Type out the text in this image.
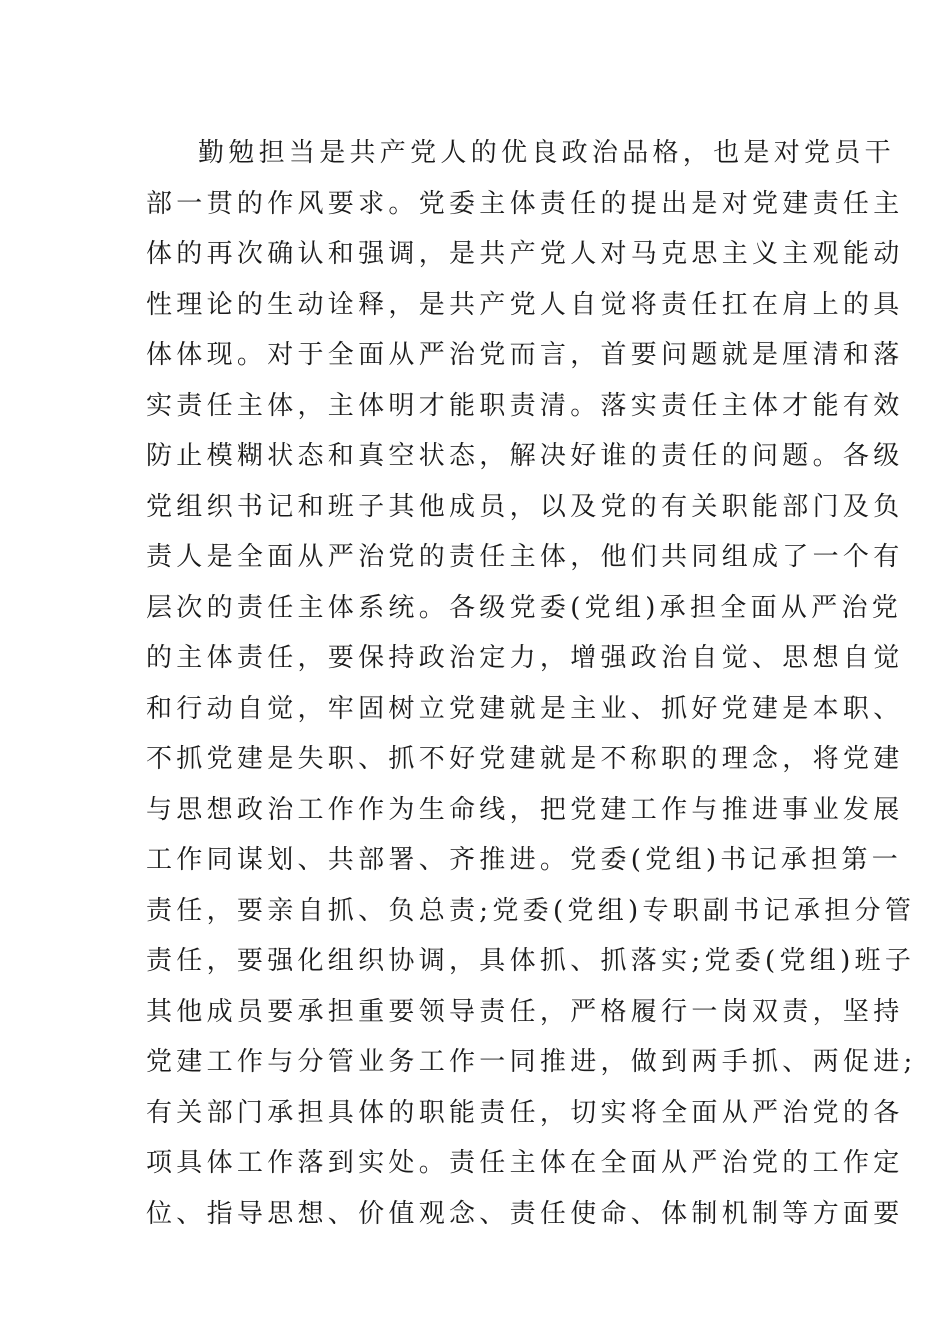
勤勉担当是共产党人的优良政治品格，也是对党员干
部一贯的作风要求。党委主体责任的提出是对党建责任主
体的再次确认和强调，是共产党人对马克思主义主观能动
性理论的生动诠释，是共产党人自觉将责任扛在肩上的具
体体现。对于全面从严治党而言，首要问题就是厘清和落
实责任主体，主体明才能职责清。落实责任主体才能有效
防止模糊状态和真空状态，解决好谁的责任的问题。各级
党组织书记和班子其他成员，以及党的有关职能部门及负
责人是全面从严治党的责任主体，他们共同组成了一个有
层次的责任主体系统。各级党委(党组)承担全面从严治党
的主体责任，要保持政治定力，增强政治自觉、思想自觉
和行动自觉，牢固树立党建就是主业、抓好党建是本职、
不抓党建是失职、抓不好党建就是不称职的理念，将党建
与思想政治工作作为生命线，把党建工作与推进事业发展
工作同谋划、共部署、齐推进。党委(党组)书记承担第一
责任，要亲自抓、负总责;党委(党组)专职副书记承担分管
责任，要强化组织协调，具体抓、抓落实;党委(党组)班子
其他成员要承担重要领导责任，严格履行一岗双责，坚持
党建工作与分管业务工作一同推进，做到两手抓、两促进;
有关部门承担具体的职能责任，切实将全面从严治党的各
项具体工作落到实处。责任主体在全面从严治党的工作定
位、指导思想、价值观念、责任使命、体制机制等方面要
